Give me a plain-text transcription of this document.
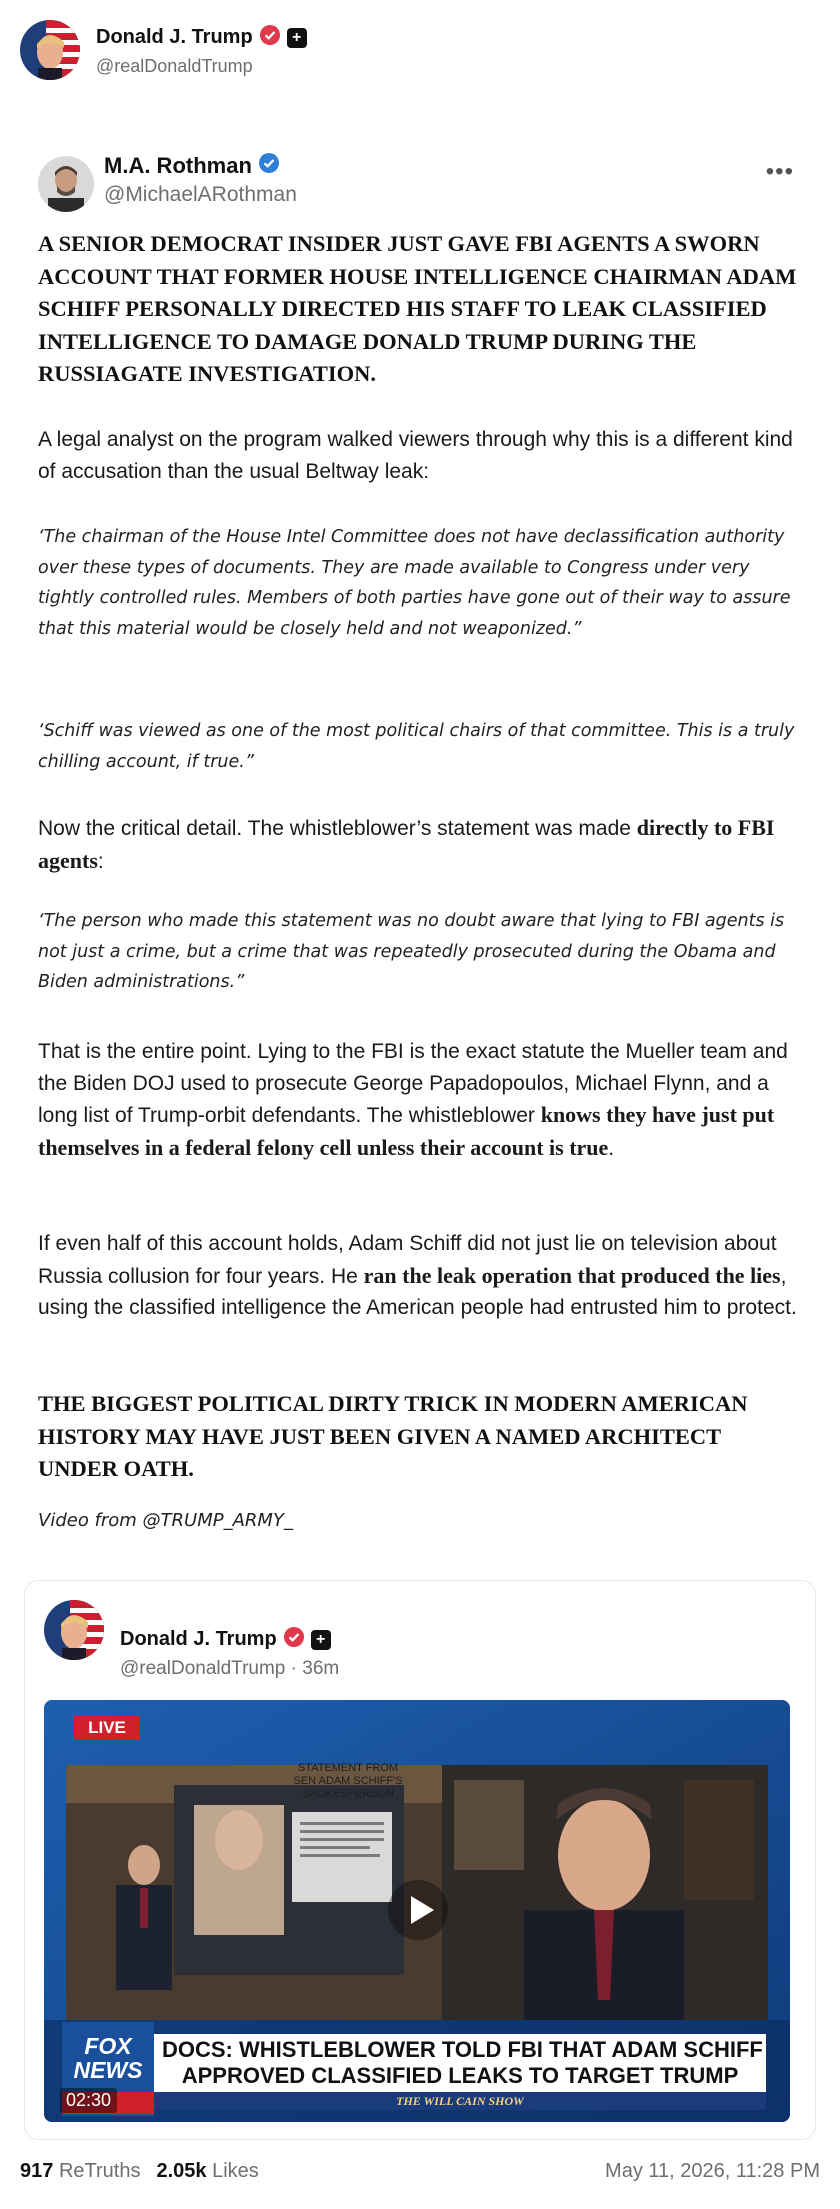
Donald J. Trump	+
@realDonaldTrump
M.A. Rothman
@MichaelARothman
•••
A SENIOR DEMOCRAT INSIDER JUST GAVE FBI AGENTS A SWORN ACCOUNT THAT FORMER HOUSE INTELLIGENCE CHAIRMAN ADAM SCHIFF PERSONALLY DIRECTED HIS STAFF TO LEAK CLASSIFIED INTELLIGENCE TO DAMAGE DONALD TRUMP DURING THE RUSSIAGATE INVESTIGATION.
A legal analyst on the program walked viewers through why this is a different kind of accusation than the usual Beltway leak:
‘The chairman of the House Intel Committee does not have declassification authority over these types of documents. They are made available to Congress under very tightly controlled rules. Members of both parties have gone out of their way to assure that this material would be closely held and not weaponized.”
‘Schiff was viewed as one of the most political chairs of that committee. This is a truly chilling account, if true.”
Now the critical detail. The whistleblower’s statement was made directly to FBI agents:
‘The person who made this statement was no doubt aware that lying to FBI agents is not just a crime, but a crime that was repeatedly prosecuted during the Obama and Biden administrations.”
That is the entire point. Lying to the FBI is the exact statute the Mueller team and the Biden DOJ used to prosecute George Papadopoulos, Michael Flynn, and a long list of Trump-orbit defendants. The whistleblower knows they have just put themselves in a federal felony cell unless their account is true.
If even half of this account holds, Adam Schiff did not just lie on television about Russia collusion for four years. He ran the leak operation that produced the lies, using the classified intelligence the American people had entrusted him to protect.
THE BIGGEST POLITICAL DIRTY TRICK IN MODERN AMERICAN HISTORY MAY HAVE JUST BEEN GIVEN A NAMED ARCHITECT UNDER OATH.
Video from @TRUMP_ARMY_
Donald J. Trump	+
@realDonaldTrump · 36m
LIVE
STATEMENT FROM SEN ADAM SCHIFF'S SPOKESPERSON
DOCS: WHISTLEBLOWER TOLD FBI THAT ADAM SCHIFF
APPROVED CLASSIFIED LEAKS TO TARGET TRUMP
THE WILL CAIN SHOW
FOX NEWS
02:30
917 ReTruths 2.05k Likes	May 11, 2026, 11:28 PM
